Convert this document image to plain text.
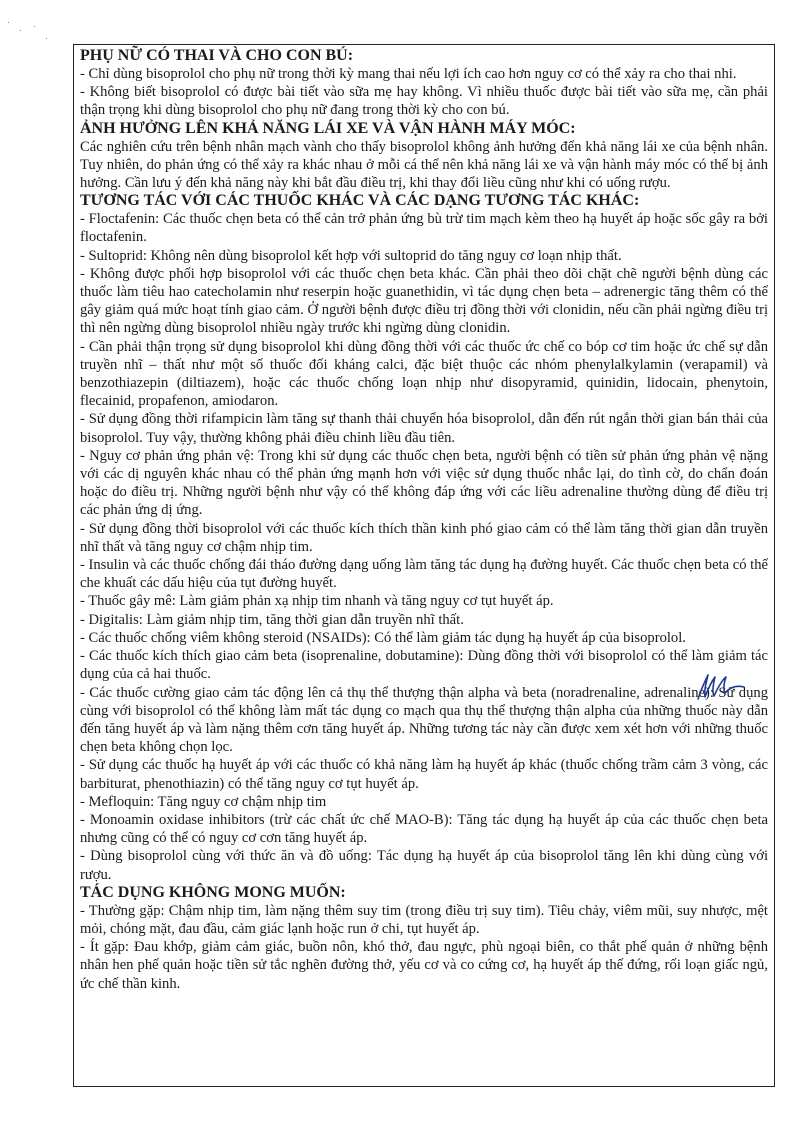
PHỤ NỮ CÓ THAI VÀ CHO CON BÚ:

- Chỉ dùng bisoprolol cho phụ nữ trong thời kỳ mang thai nếu lợi ích cao hơn nguy cơ có thể xảy ra cho thai nhi.

- Không biết bisoprolol có được bài tiết vào sữa mẹ hay không. Vì nhiều thuốc được bài tiết vào sữa mẹ, cần phải thận trọng khi dùng bisoprolol cho phụ nữ đang trong thời kỳ cho con bú.

ẢNH HƯỞNG LÊN KHẢ NĂNG LÁI XE VÀ VẬN HÀNH MÁY MÓC:

Các nghiên cứu trên bệnh nhân mạch vành cho thấy bisoprolol không ảnh hưởng đến khả năng lái xe của bệnh nhân. Tuy nhiên, do phản ứng có thể xảy ra khác nhau ở mỗi cá thể nên khả năng lái xe và vận hành máy móc có thể bị ảnh hưởng. Cần lưu ý đến khả năng này khi bắt đầu điều trị, khi thay đổi liều cũng như khi có uống rượu.

TƯƠNG TÁC VỚI CÁC THUỐC KHÁC VÀ CÁC DẠNG TƯƠNG TÁC KHÁC:

- Floctafenin: Các thuốc chẹn beta có thể cản trở phản ứng bù trừ tim mạch kèm theo hạ huyết áp hoặc sốc gây ra bởi floctafenin.

- Sultoprid: Không nên dùng bisoprolol kết hợp với sultoprid do tăng nguy cơ loạn nhịp thất.

- Không được phối hợp bisoprolol với các thuốc chẹn beta khác. Cần phải theo dõi chặt chẽ người bệnh dùng các thuốc làm tiêu hao catecholamin như reserpin hoặc guanethidin, vì tác dụng chẹn beta – adrenergic tăng thêm có thể gây giảm quá mức hoạt tính giao cảm. Ở người bệnh được điều trị đồng thời với clonidin, nếu cần phải ngừng điều trị thì nên ngừng dùng bisoprolol nhiều ngày trước khi ngừng dùng clonidin.

- Cần phải thận trọng sử dụng bisoprolol khi dùng đồng thời với các thuốc ức chế co bóp cơ tim hoặc ức chế sự dẫn truyền nhĩ – thất như một số thuốc đối kháng calci, đặc biệt thuộc các nhóm phenylalkylamin (verapamil) và benzothiazepin (diltiazem), hoặc các thuốc chống loạn nhịp như disopyramid, quinidin, lidocain, phenytoin, flecainid, propafenon, amiodaron.

- Sử dụng đồng thời rifampicin làm tăng sự thanh thải chuyển hóa bisoprolol, dẫn đến rút ngắn thời gian bán thải của bisoprolol. Tuy vậy, thường không phải điều chỉnh liều đầu tiên.

- Nguy cơ phản ứng phản vệ: Trong khi sử dụng các thuốc chẹn beta, người bệnh có tiền sử phản ứng phản vệ nặng với các dị nguyên khác nhau có thể phản ứng mạnh hơn với việc sử dụng thuốc nhắc lại, do tình cờ, do chẩn đoán hoặc do điều trị. Những người bệnh như vậy có thể không đáp ứng với các liều adrenaline thường dùng để điều trị các phản ứng dị ứng.

- Sử dụng đồng thời bisoprolol với các thuốc kích thích thần kinh phó giao cảm có thể làm tăng thời gian dẫn truyền nhĩ thất và tăng nguy cơ chậm nhịp tim.

- Insulin và các thuốc chống đái tháo đường dạng uống làm tăng tác dụng hạ đường huyết. Các thuốc chẹn beta có thể che khuất các dấu hiệu của tụt đường huyết.

- Thuốc gây mê: Làm giảm phản xạ nhịp tim nhanh và tăng nguy cơ tụt huyết áp.

- Digitalis: Làm giảm nhịp tim, tăng thời gian dẫn truyền nhĩ thất.

- Các thuốc chống viêm không steroid (NSAIDs): Có thể làm giảm tác dụng hạ huyết áp của bisoprolol.

- Các thuốc kích thích giao cảm beta (isoprenaline, dobutamine): Dùng đồng thời với bisoprolol có thể làm giảm tác dụng của cả hai thuốc.

- Các thuốc cường giao cảm tác động lên cả thụ thể thượng thận alpha và beta (noradrenaline, adrenaline): Sử dụng cùng với bisoprolol có thể không làm mất tác dụng co mạch qua thụ thể thượng thận alpha của những thuốc này dẫn đến tăng huyết áp và làm nặng thêm cơn tăng huyết áp. Những tương tác này cần được xem xét hơn với những thuốc chẹn beta không chọn lọc.

- Sử dụng các thuốc hạ huyết áp với các thuốc có khả năng làm hạ huyết áp khác (thuốc chống trầm cảm 3 vòng, các barbiturat, phenothiazin) có thể tăng nguy cơ tụt huyết áp.

- Mefloquin: Tăng nguy cơ chậm nhịp tim

- Monoamin oxidase inhibitors (trừ các chất ức chế MAO-B): Tăng tác dụng hạ huyết áp của các thuốc chẹn beta nhưng cũng có thể có nguy cơ cơn tăng huyết áp.

- Dùng bisoprolol cùng với thức ăn và đồ uống: Tác dụng hạ huyết áp của bisoprolol tăng lên khi dùng cùng với rượu.

TÁC DỤNG KHÔNG MONG MUỐN:

- Thường gặp: Chậm nhịp tim, làm nặng thêm suy tim (trong điều trị suy tim). Tiêu chảy, viêm mũi, suy nhược, mệt mỏi, chóng mặt, đau đầu, cảm giác lạnh hoặc run ở chi, tụt huyết áp.

- Ít gặp: Đau khớp, giảm cảm giác, buồn nôn, khó thở, đau ngực, phù ngoại biên, co thắt phế quản ở những bệnh nhân hen phế quản hoặc tiền sử tắc nghẽn đường thở, yếu cơ và co cứng cơ, hạ huyết áp thế đứng, rối loạn giấc ngủ, ức chế thần kinh.
